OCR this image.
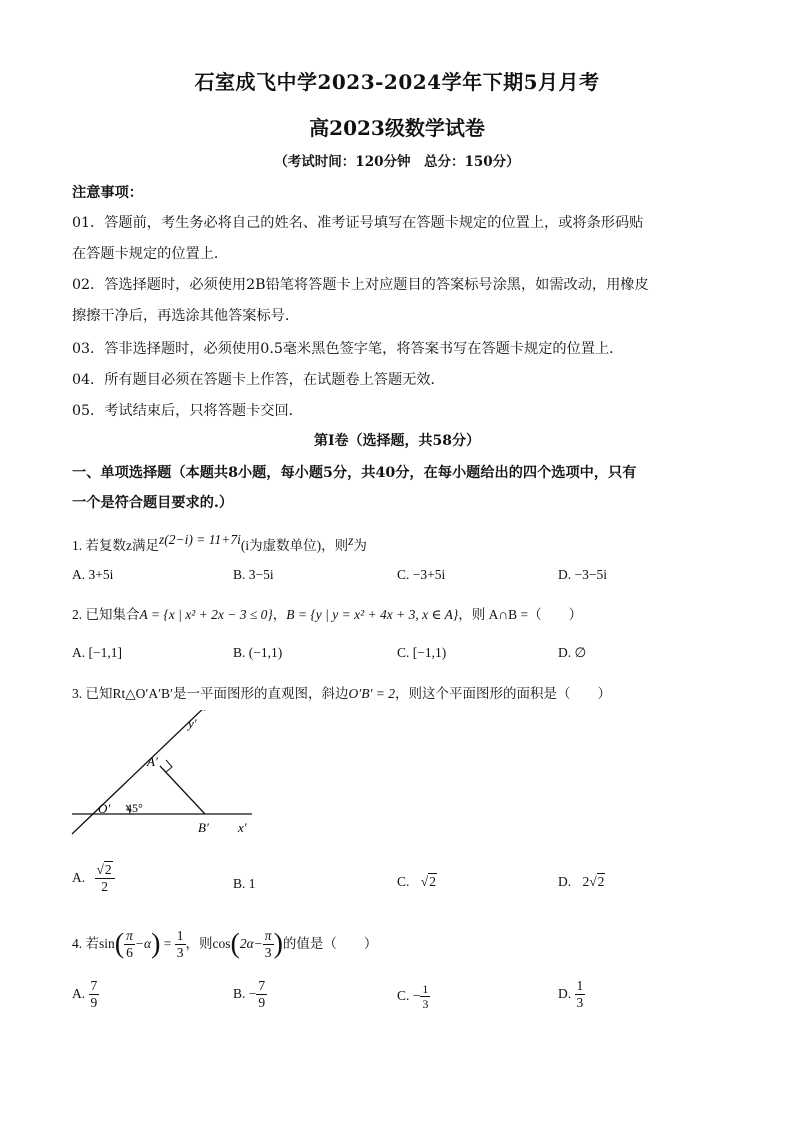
石室成飞中学2023-2024学年下期5月月考
高2023级数学试卷
（考试时间：120分钟　总分：150分）
注意事项：
01．答题前，考生务必将自己的姓名、准考证号填写在答题卡规定的位置上，或将条形码贴
在答题卡规定的位置上．
02．答选择题时，必须使用2B铅笔将答题卡上对应题目的答案标号涂黑，如需改动，用橡皮
擦擦干净后，再选涂其他答案标号．
03．答非选择题时，必须使用0.5毫米黑色签字笔，将答案书写在答题卡规定的位置上．
04．所有题目必须在答题卡上作答，在试题卷上答题无效．
05．考试结束后，只将答题卡交回．
第Ⅰ卷（选择题，共58分）
一、单项选择题（本题共8小题，每小题5分，共40分，在每小题给出的四个选项中，只有
一个是符合题目要求的.）
1. 若复数z满足z(2−i) = 11+7i(i为虚数单位)，则z为
A. 3+5i	B. 3−5i	C. −3+5i	D. −3−5i
2. 已知集合A = {x | x² + 2x − 3 ≤ 0}，B = {y | y = x² + 4x + 3, x ∈ A}，则 A∩B =（　　）
A. [−1,1]	B. (−1,1)	C. [−1,1)	D. ∅
3. 已知Rt△O′A′B′是一平面图形的直观图，斜边O′B′ = 2，则这个平面图形的面积是（　　）
y′
A′
O′ 45°
B′ x′
A. $\frac{√2}{2}$	B. 1	C. √2	D. 2√2
4. 若$\sin( \frac{\pi}{6} -\alpha) = \frac{1}{3}$ ，则$\cos(2\alpha- \frac{\pi}{3}$ )的值是（　　）
A. $\frac{7}{9}$	B. − $\frac{7}{9}$	C. − $\frac{1}{3}$	D. $\frac{1}{3}$
